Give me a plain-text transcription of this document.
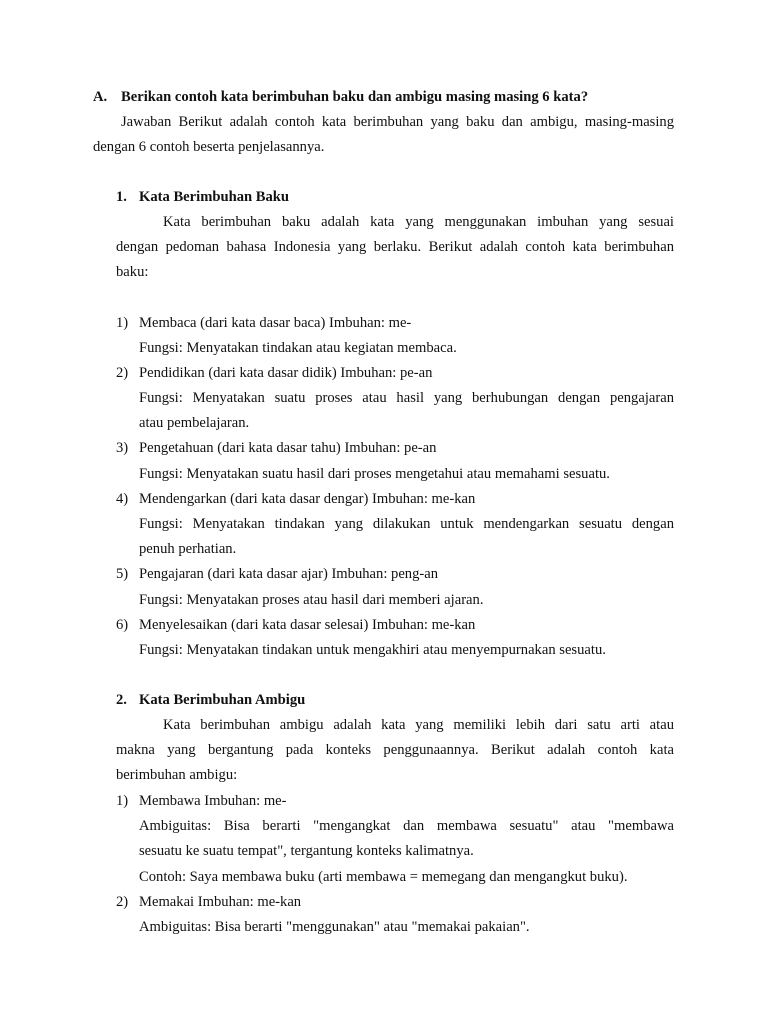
A. Berikan contoh kata berimbuhan baku dan ambigu masing masing 6 kata?
Jawaban Berikut adalah contoh kata berimbuhan yang baku dan ambigu, masing-masing
dengan 6 contoh beserta penjelasannya.
1. Kata Berimbuhan Baku
Kata berimbuhan baku adalah kata yang menggunakan imbuhan yang sesuai
dengan pedoman bahasa Indonesia yang berlaku. Berikut adalah contoh kata berimbuhan
baku:
1) Membaca (dari kata dasar baca) Imbuhan: me-
Fungsi: Menyatakan tindakan atau kegiatan membaca.
2) Pendidikan (dari kata dasar didik) Imbuhan: pe-an
Fungsi: Menyatakan suatu proses atau hasil yang berhubungan dengan pengajaran
atau pembelajaran.
3) Pengetahuan (dari kata dasar tahu) Imbuhan: pe-an
Fungsi: Menyatakan suatu hasil dari proses mengetahui atau memahami sesuatu.
4) Mendengarkan (dari kata dasar dengar) Imbuhan: me-kan
Fungsi: Menyatakan tindakan yang dilakukan untuk mendengarkan sesuatu dengan
penuh perhatian.
5) Pengajaran (dari kata dasar ajar) Imbuhan: peng-an
Fungsi: Menyatakan proses atau hasil dari memberi ajaran.
6) Menyelesaikan (dari kata dasar selesai) Imbuhan: me-kan
Fungsi: Menyatakan tindakan untuk mengakhiri atau menyempurnakan sesuatu.
2. Kata Berimbuhan Ambigu
Kata berimbuhan ambigu adalah kata yang memiliki lebih dari satu arti atau
makna yang bergantung pada konteks penggunaannya. Berikut adalah contoh kata
berimbuhan ambigu:
1) Membawa Imbuhan: me-
Ambiguitas: Bisa berarti "mengangkat dan membawa sesuatu" atau "membawa
sesuatu ke suatu tempat", tergantung konteks kalimatnya.
Contoh: Saya membawa buku (arti membawa = memegang dan mengangkut buku).
2) Memakai Imbuhan: me-kan
Ambiguitas: Bisa berarti "menggunakan" atau "memakai pakaian".
